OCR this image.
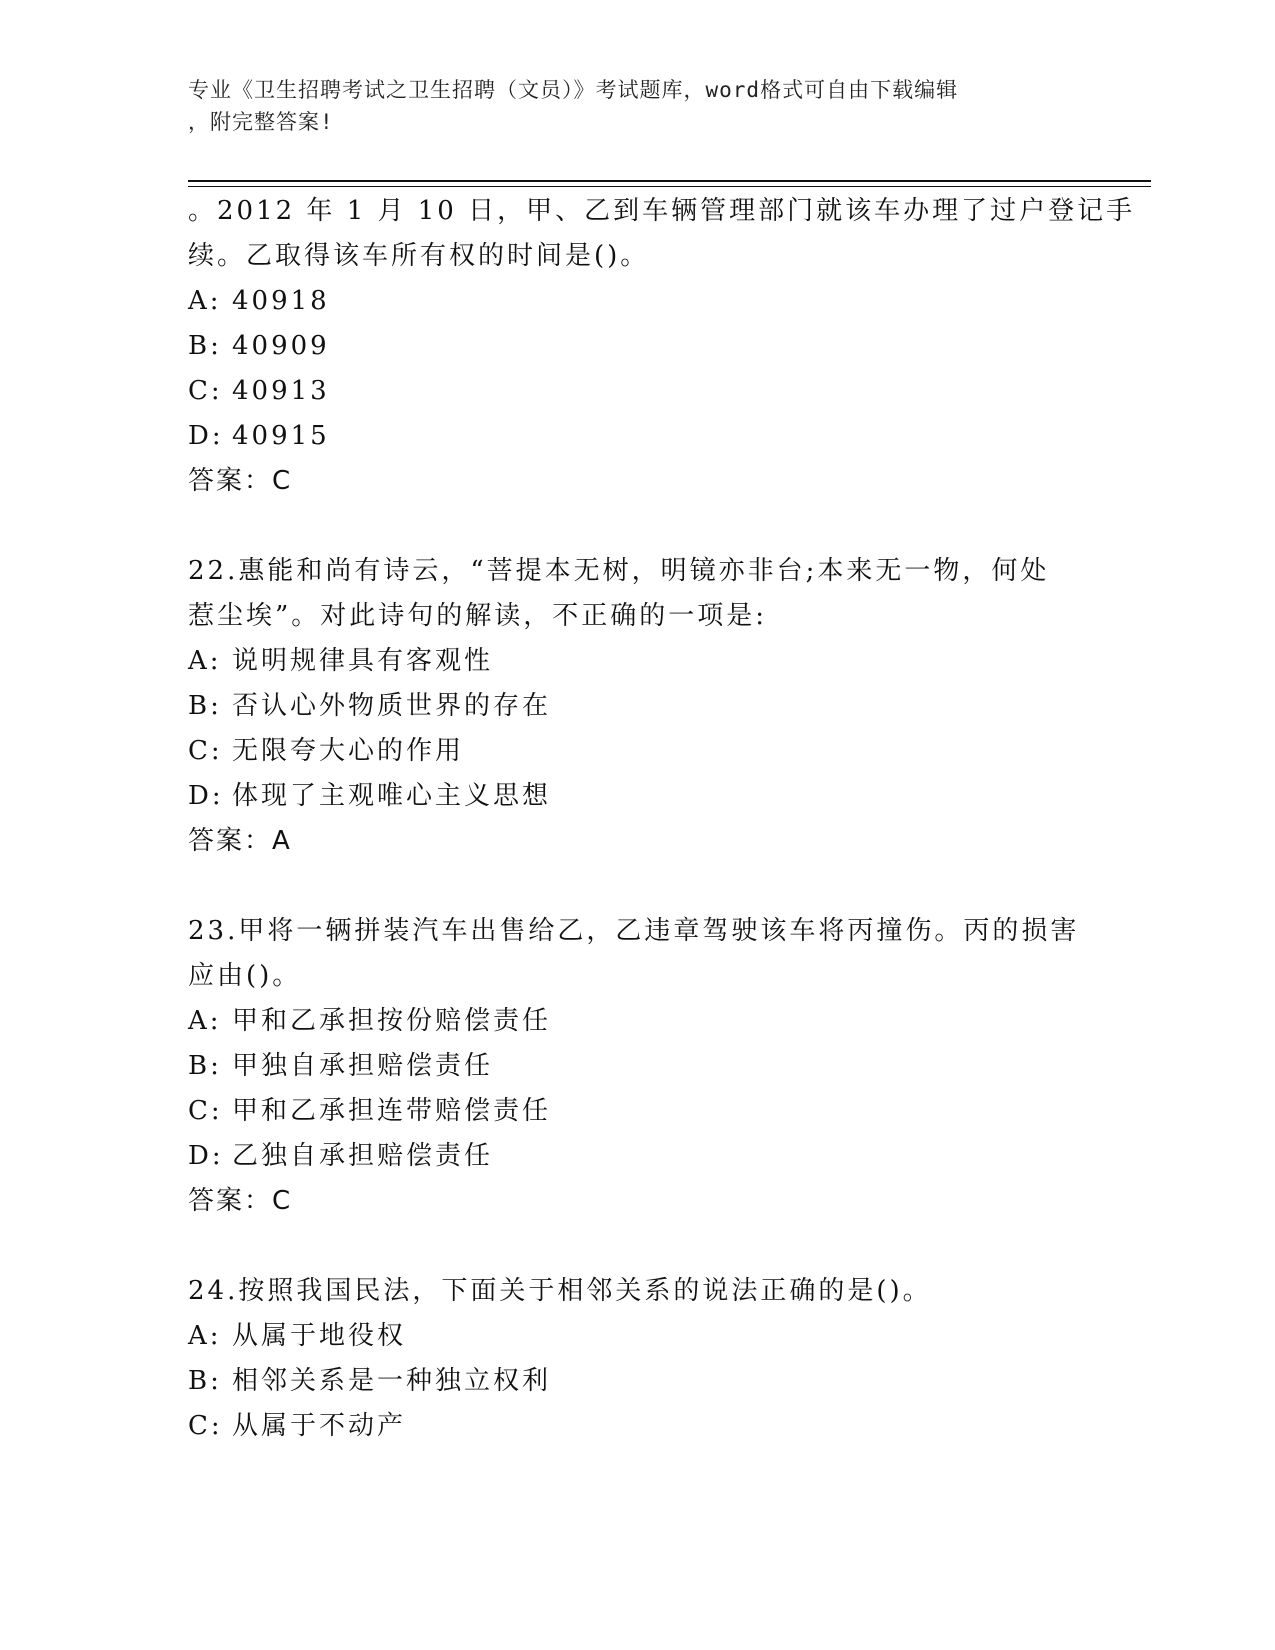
专业《卫生招聘考试之卫生招聘（文员）》考试题库，word格式可自由下载编辑
，附完整答案!
。2012 年 1 月 10 日，甲、乙到车辆管理部门就该车办理了过户登记手
续。乙取得该车所有权的时间是()。
A: 40918
B: 40909
C: 40913
D: 40915
答案：C
22.惠能和尚有诗云，“菩提本无树，明镜亦非台;本来无一物，何处
惹尘埃”。对此诗句的解读，不正确的一项是:
A: 说明规律具有客观性
B: 否认心外物质世界的存在
C: 无限夸大心的作用
D: 体现了主观唯心主义思想
答案：A
23.甲将一辆拼装汽车出售给乙，乙违章驾驶该车将丙撞伤。丙的损害
应由()。
A: 甲和乙承担按份赔偿责任
B: 甲独自承担赔偿责任
C: 甲和乙承担连带赔偿责任
D: 乙独自承担赔偿责任
答案：C
24.按照我国民法，下面关于相邻关系的说法正确的是()。
A: 从属于地役权
B: 相邻关系是一种独立权利
C: 从属于不动产
